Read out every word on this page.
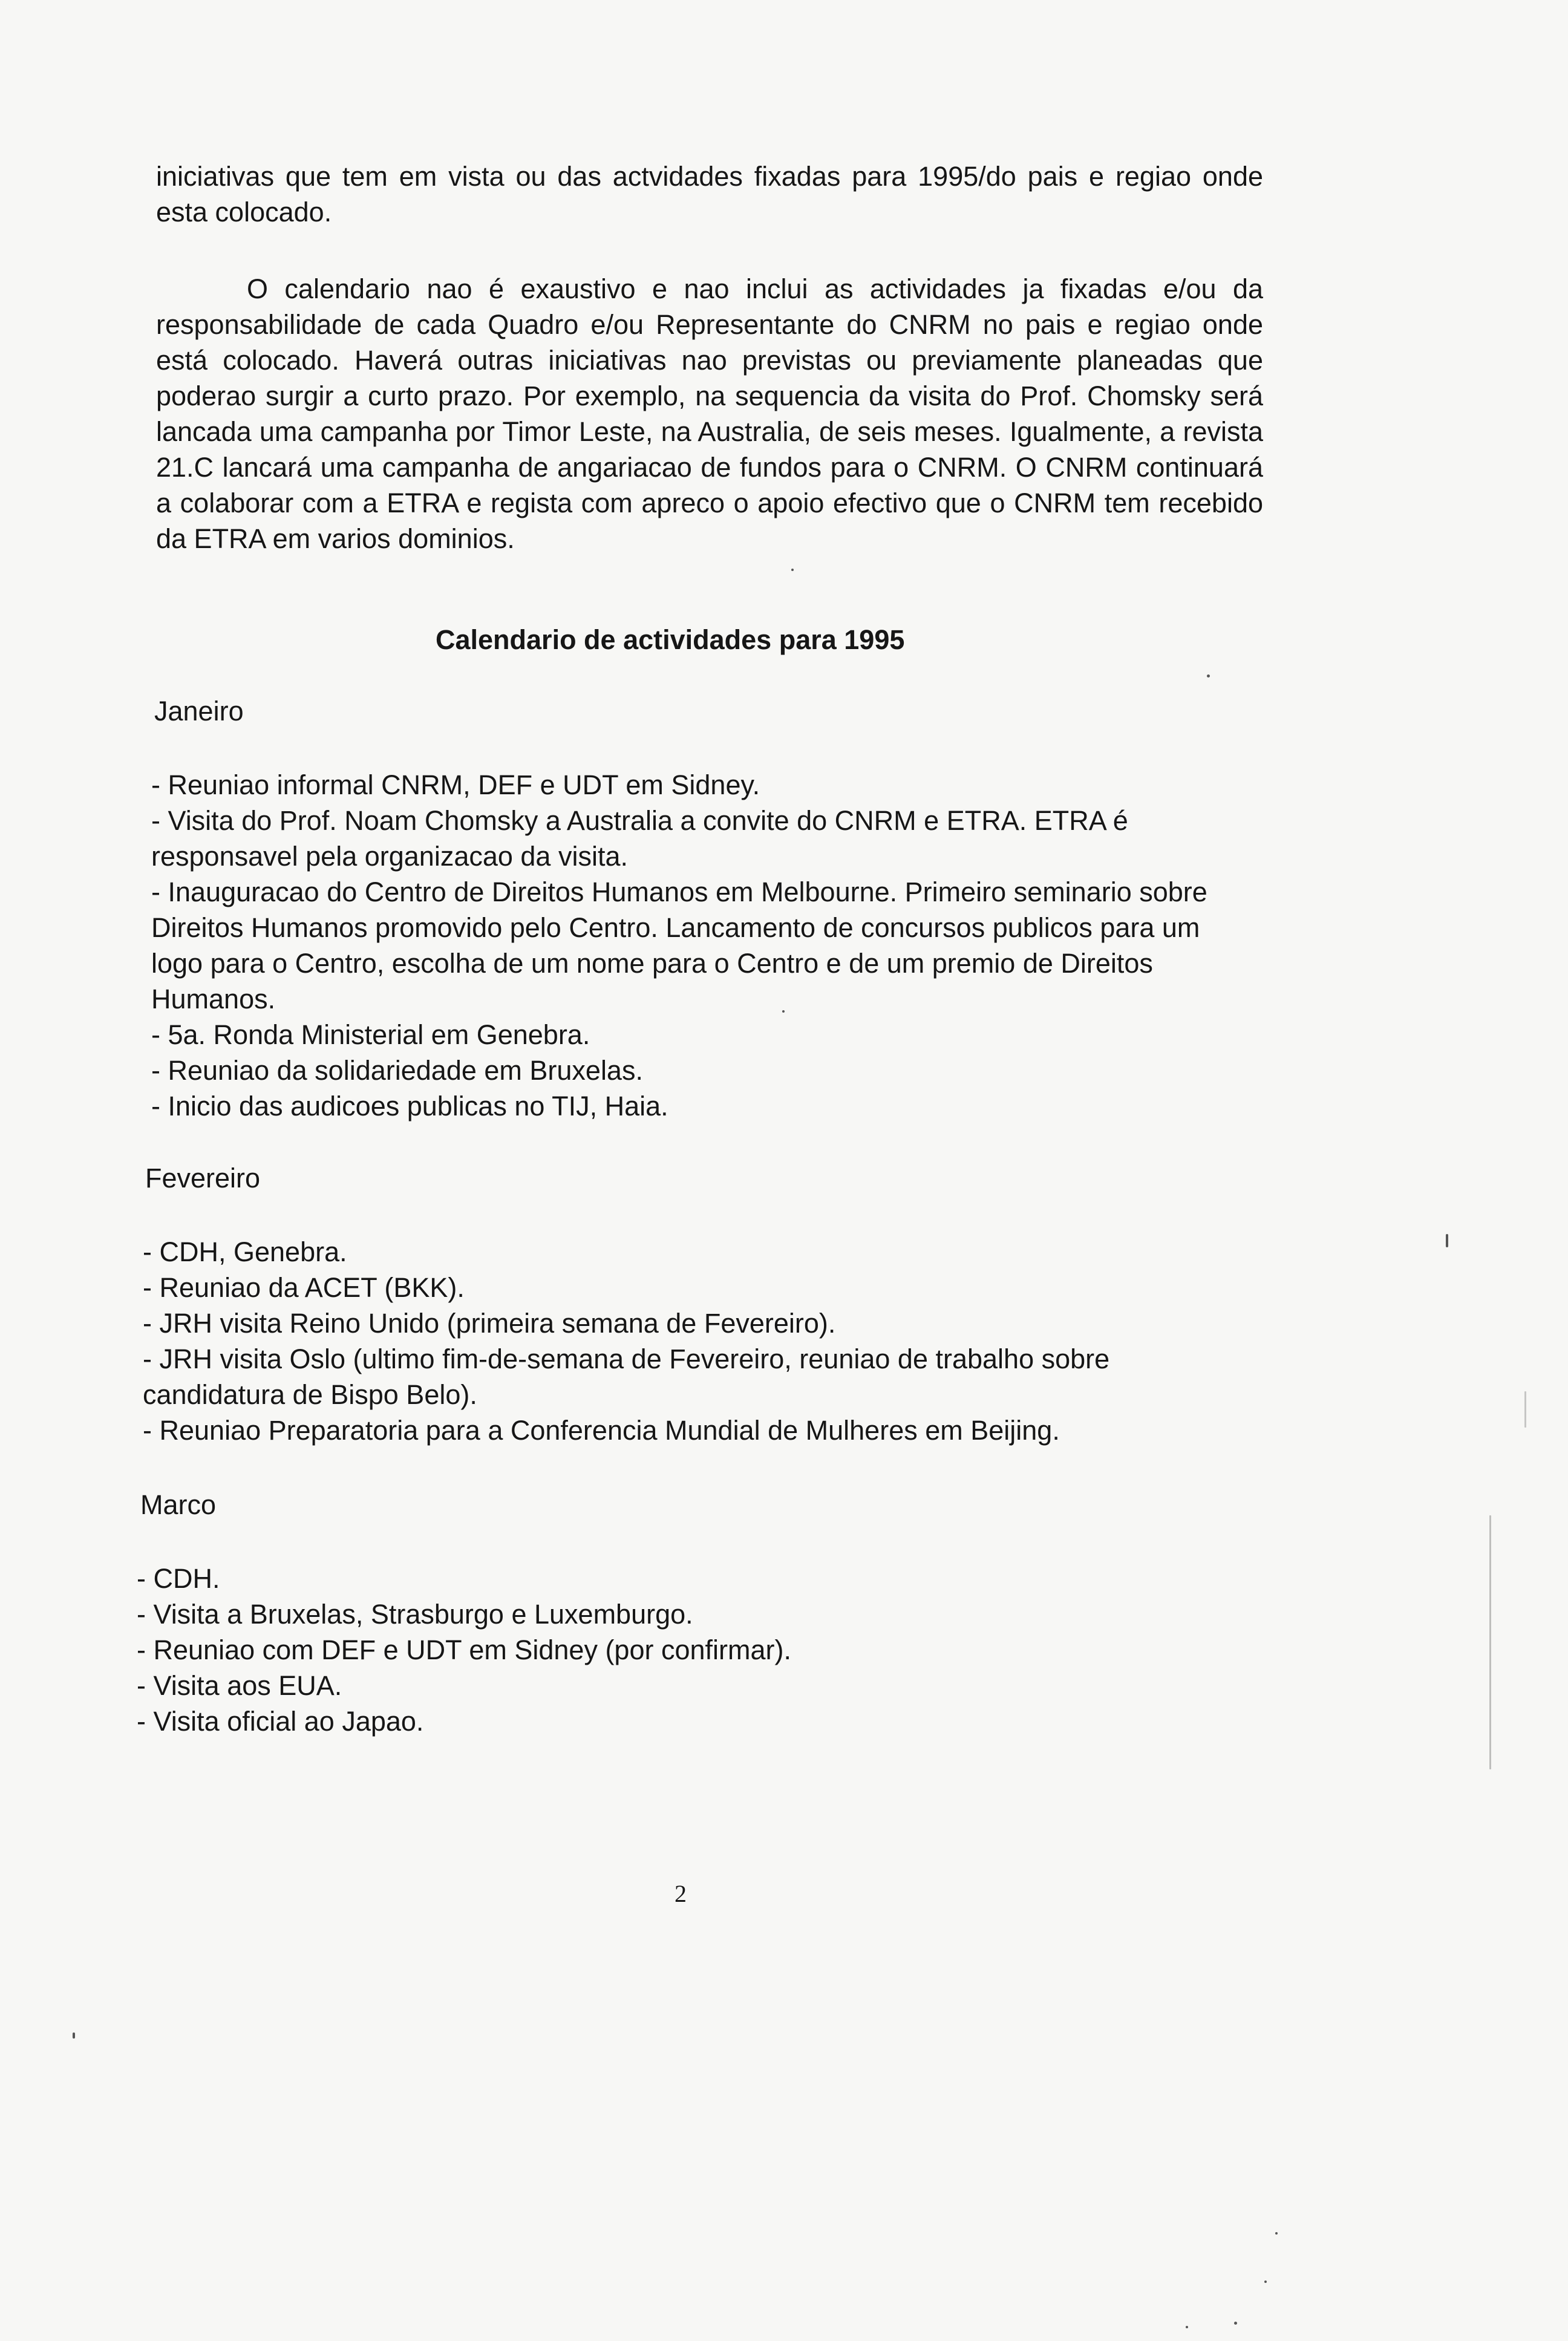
iniciativas que tem em vista ou das actvidades fixadas para 1995/do pais e regiao onde esta colocado.

O calendario nao é exaustivo e nao inclui as actividades ja fixadas e/ou da responsabilidade de cada Quadro e/ou Representante do CNRM no pais e regiao onde está colocado. Haverá outras iniciativas nao previstas ou previamente planeadas que poderao surgir a curto prazo. Por exemplo, na sequencia da visita do Prof. Chomsky será lancada uma campanha por Timor Leste, na Australia, de seis meses. Igualmente, a revista 21.C lancará uma campanha de angariacao de fundos para o CNRM. O CNRM continuará a colaborar com a ETRA e regista com apreco o apoio efectivo que o CNRM tem recebido da ETRA em varios dominios.

Calendario de actividades para 1995
Janeiro
- Reuniao informal CNRM, DEF e UDT em Sidney.
- Visita do Prof. Noam Chomsky a Australia a convite do CNRM e ETRA. ETRA é responsavel pela organizacao da visita.
- Inauguracao do Centro de Direitos Humanos em Melbourne. Primeiro seminario sobre Direitos Humanos promovido pelo Centro. Lancamento de concursos publicos para um logo para o Centro, escolha de um nome para o Centro e de um premio de Direitos Humanos.
- 5a. Ronda Ministerial em Genebra.
- Reuniao da solidariedade em Bruxelas.
- Inicio das audicoes publicas no TIJ, Haia.
Fevereiro
- CDH, Genebra.
- Reuniao da ACET (BKK).
- JRH visita Reino Unido (primeira semana de Fevereiro).
- JRH visita Oslo (ultimo fim-de-semana de Fevereiro, reuniao de trabalho sobre candidatura de Bispo Belo).
- Reuniao Preparatoria para a Conferencia Mundial de Mulheres em Beijing.
Marco
- CDH.
- Visita a Bruxelas, Strasburgo e Luxemburgo.
- Reuniao com DEF e UDT em Sidney (por confirmar).
- Visita aos EUA.
- Visita oficial ao Japao.
2
